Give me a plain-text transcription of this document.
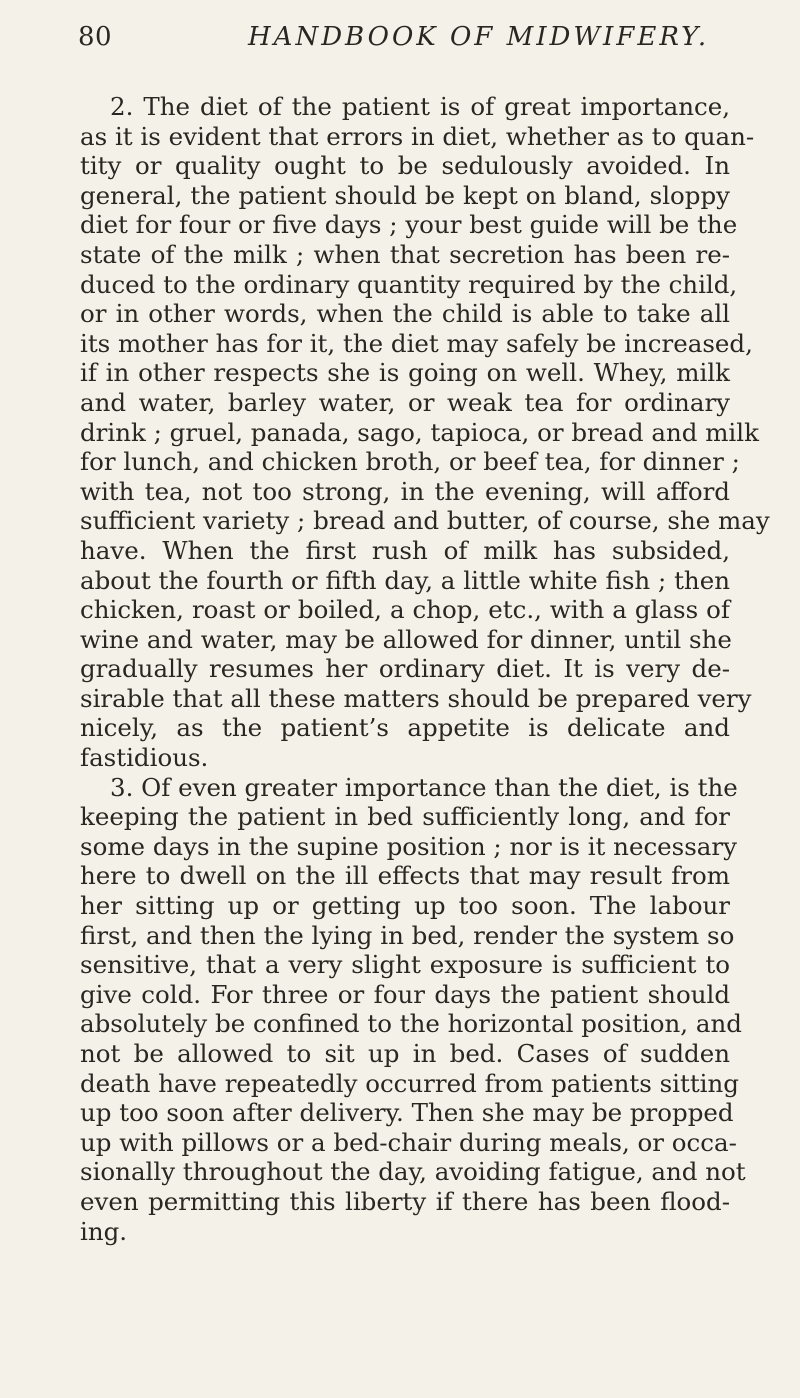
80	HANDBOOK OF MIDWIFERY.
2. The diet of the patient is of great importance,
as it is evident that errors in diet, whether as to quan-
tity or quality ought to be sedulously avoided. In
general, the patient should be kept on bland, sloppy
diet for four or five days ; your best guide will be the
state of the milk ; when that secretion has been re-
duced to the ordinary quantity required by the child,
or in other words, when the child is able to take all
its mother has for it, the diet may safely be increased,
if in other respects she is going on well. Whey, milk
and water, barley water, or weak tea for ordinary
drink ; gruel, panada, sago, tapioca, or bread and milk
for lunch, and chicken broth, or beef tea, for dinner ;
with tea, not too strong, in the evening, will afford
sufficient variety ; bread and butter, of course, she may
have. When the first rush of milk has subsided,
about the fourth or fifth day, a little white fish ; then
chicken, roast or boiled, a chop, etc., with a glass of
wine and water, may be allowed for dinner, until she
gradually resumes her ordinary diet. It is very de-
sirable that all these matters should be prepared very
nicely, as the patient’s appetite is delicate and
fastidious.
3. Of even greater importance than the diet, is the
keeping the patient in bed sufficiently long, and for
some days in the supine position ; nor is it necessary
here to dwell on the ill effects that may result from
her sitting up or getting up too soon. The labour
first, and then the lying in bed, render the system so
sensitive, that a very slight exposure is sufficient to
give cold. For three or four days the patient should
absolutely be confined to the horizontal position, and
not be allowed to sit up in bed. Cases of sudden
death have repeatedly occurred from patients sitting
up too soon after delivery. Then she may be propped
up with pillows or a bed-chair during meals, or occa-
sionally throughout the day, avoiding fatigue, and not
even permitting this liberty if there has been flood-
ing.
